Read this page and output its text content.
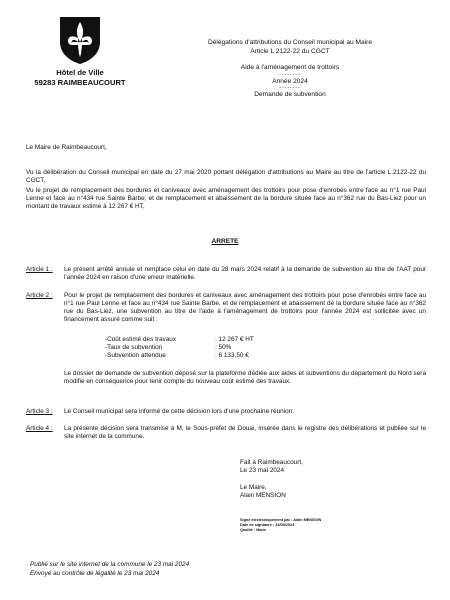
Hôtel de Ville
59283 RAIMBEAUCOURT
Délégations d'attributions du Conseil municipal au Maire
Article L 2122-22 du CGCT
Aide à l'aménagement de trottoirs
--------
Année 2024
--------
Demande de subvention
Le Maire de Raimbeaucourt,
Vu la délibération du Conseil municipal en date du 27 mai 2020 portant délégation d'attributions au Maire au titre de l'article L.2122-22 du CGCT,
Vu le projet de remplacement des bordures et caniveaux avec aménagement des trottoirs pour pose d'enrobés entre face au n°1 rue Paul Lenne et face au n°434 rue Sainte Barbe, et de remplacement et abaissement de la bordure située face au n°362 rue du Bas-Liez pour un montant de travaux estimé à 12 267 € HT,
ARRETE
Article 1 : Le présent arrêté annule et remplace celui en date du 28 mars 2024 relatif à la demande de subvention au titre de l'AAT pour l'année 2024 en raison d'une erreur matérielle.
Article 2 : Pour le projet de remplacement des bordures et caniveaux avec aménagement des trottoirs pour pose d'enrobés entre face au n°1 rue Paul Lenne et face au n°434 rue Sainte Barbe, et de remplacement et abaissement de la bordure située face au n°362 rue du Bas-Liez, une subvention au titre de l'aide à l'aménagement de trottoirs pour l'année 2024 est sollicitée avec un financement assuré comme suit :
-Coût estimé des travaux	: 12 267 € HT
-Taux de subvention	: 50%
-Subvention attendue	: 6 133,50 €
Le dossier de demande de subvention déposé sur la plateforme dédiée aux aides et subventions du département du Nord sera modifié en conséquence pour tenir compte du nouveau coût estimé des travaux.
Article 3 : Le Conseil municipal sera informé de cette décision lors d'une prochaine réunion.
Article 4 : La présente décision sera transmise à M. le Sous-préfet de Douai, insérée dans le registre des délibérations et publiée sur le site internet de la commune.
Fait à Raimbeaucourt,
Le 23 mai 2024
Le Maire,
Alain MENSION
Signé électroniquement par : Alain MENSION
Date de signature : 23/05/2024
Qualité : Maire
Publié sur le site internet de la commune le 23 mai 2024
Envoyé au contrôle de légalité le 23 mai 2024
